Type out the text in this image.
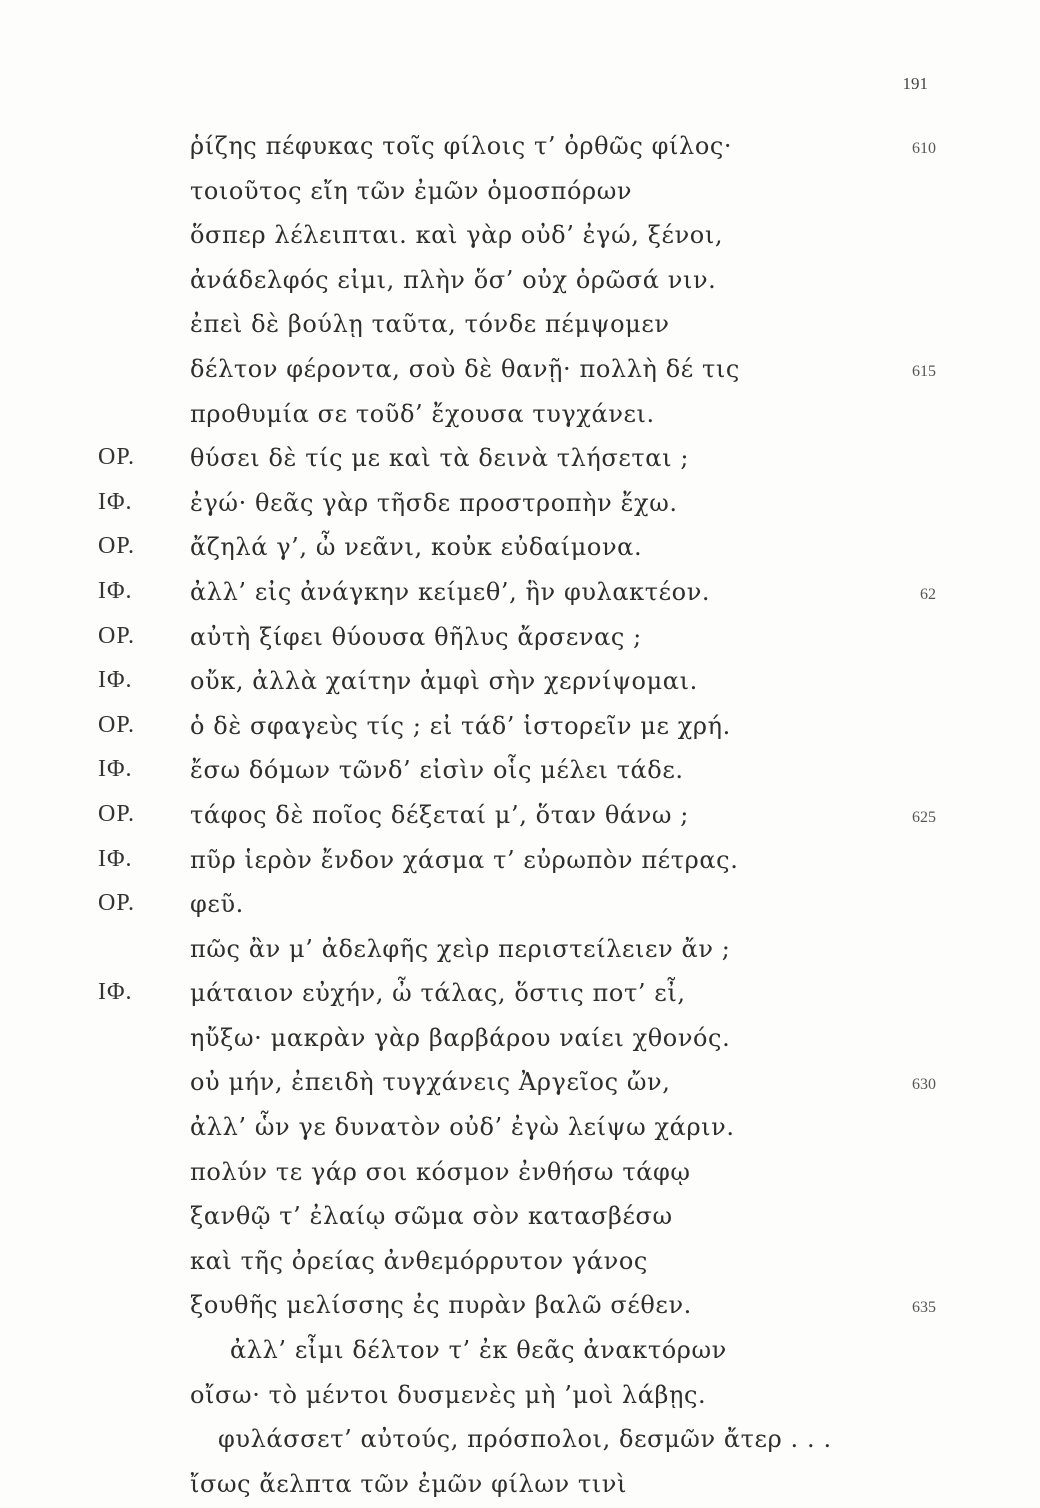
191
ῥίζης πέφυκας τοῖς φίλοις τ’ ὀρθῶς φίλος·	610
τοιοῦτος εἴη τῶν ἐμῶν ὁμοσπόρων
ὅσπερ λέλειπται. καὶ γὰρ οὐδ’ ἐγώ, ξένοι,
ἀνάδελφός εἰμι, πλὴν ὅσ’ οὐχ ὁρῶσά νιν.
ἐπεὶ δὲ βούλῃ ταῦτα, τόνδε πέμψομεν
δέλτον φέροντα, σοὺ δὲ θανῇ· πολλὴ δέ τις	615
προθυμία σε τοῦδ’ ἔχουσα τυγχάνει.
ΟΡ. θύσει δὲ τίς με καὶ τὰ δεινὰ τλήσεται ;
ΙΦ. ἐγώ· θεᾶς γὰρ τῆσδε προστροπὴν ἔχω.
ΟΡ. ἄζηλά γ’, ὦ νεᾶνι, κοὐκ εὐδαίμονα.
ΙΦ. ἀλλ’ εἰς ἀνάγκην κείμεθ’, ἣν φυλακτέον.	62
ΟΡ. αὐτὴ ξίφει θύουσα θῆλυς ἄρσενας ;
ΙΦ. οὔκ, ἀλλὰ χαίτην ἀμφὶ σὴν χερνίψομαι.
ΟΡ. ὁ δὲ σφαγεὺς τίς ; εἰ τάδ’ ἱστορεῖν με χρή.
ΙΦ. ἔσω δόμων τῶνδ’ εἰσὶν οἷς μέλει τάδε.
ΟΡ. τάφος δὲ ποῖος δέξεταί μ’, ὅταν θάνω ;	625
ΙΦ. πῦρ ἱερὸν ἔνδον χάσμα τ’ εὐρωπὸν πέτρας.
ΟΡ. φεῦ.
πῶς ἂν μ’ ἀδελφῆς χεὶρ περιστείλειεν ἄν ;
ΙΦ. μάταιον εὐχήν, ὦ τάλας, ὅστις ποτ’ εἶ,
ηὔξω· μακρὰν γὰρ βαρβάρου ναίει χθονός.
οὐ μήν, ἐπειδὴ τυγχάνεις Ἀργεῖος ὤν,	630
ἀλλ’ ὧν γε δυνατὸν οὐδ’ ἐγὼ λείψω χάριν.
πολύν τε γάρ σοι κόσμον ἐνθήσω τάφῳ
ξανθῷ τ’ ἐλαίῳ σῶμα σὸν κατασβέσω
καὶ τῆς ὀρείας ἀνθεμόρρυτον γάνος
ξουθῆς μελίσσης ἐς πυρὰν βαλῶ σέθεν.	635
ἀλλ’ εἶμι δέλτον τ’ ἐκ θεᾶς ἀνακτόρων
οἴσω· τὸ μέντοι δυσμενὲς μὴ ’μοὶ λάβῃς.
φυλάσσετ’ αὐτούς, πρόσπολοι, δεσμῶν ἄτερ . . .
ἴσως ἄελπτα τῶν ἐμῶν φίλων τινὶ
